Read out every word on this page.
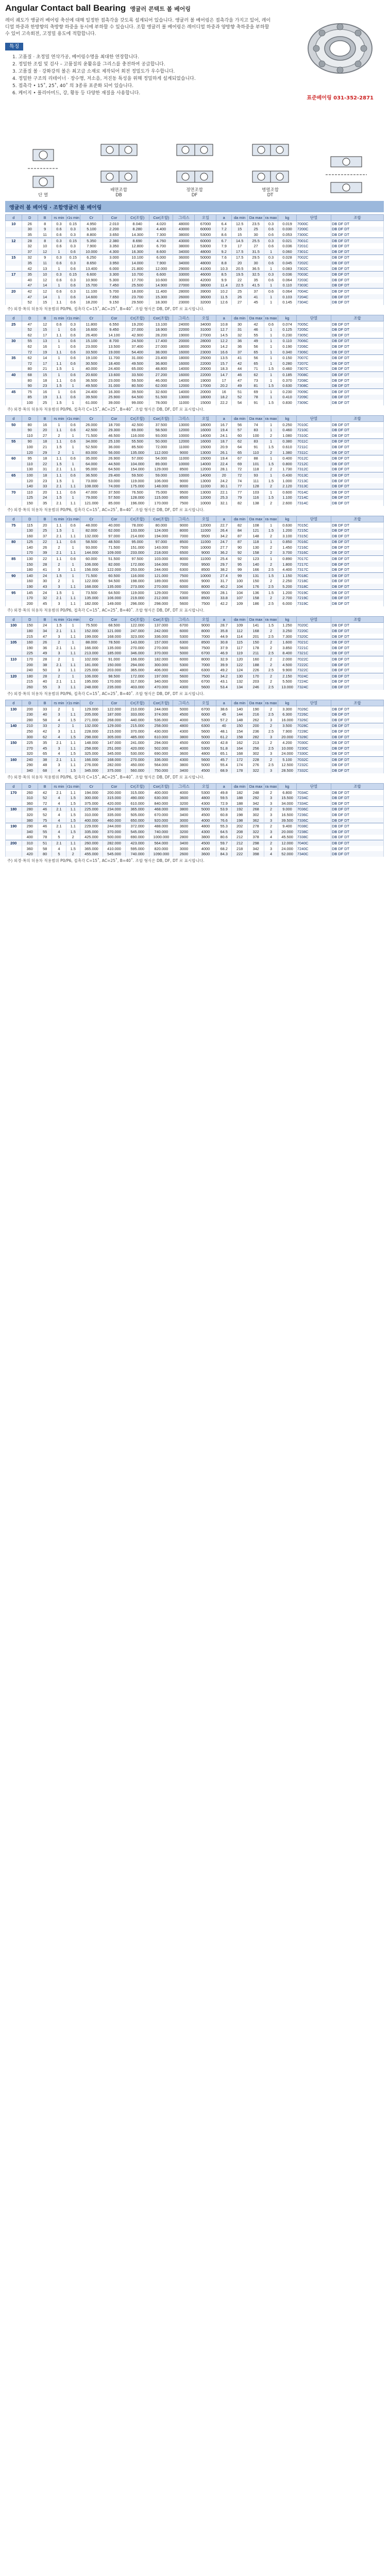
Angular Contact ball Bearing 앵귤러 콘택트 볼 베어링

레이 궤도가 앵귤러 베어링 축선에 대해 일정한 접촉각을 갖도록 설계되어 있습니다. 앵귤러 볼 베어링은 접촉각을 가지고 있어, 레이디얼 하중과 한방향의 축방향 하중을 동시에 부하할 수 있습니다. 조합 앵귤러 볼 베어링은 레이디얼 하중과 양방향 축하중을 부하할 수 있어 고속회전, 고정밀 용도에 적합합니다.

특징
1. 고품질 · 초정밀 연삭가공, 베어링수명을 최대한 연장합니다.
2. 정밀한 조립 및 검사 – 고품질의 윤활유를 그리스를 충전하여 공급합니다.
3. 고품질 볼 · 강화강의 볼은 최고급 소재로 제작되어 회전 정밀도가 우수합니다.
4. 정밀한 구조의 리테이너 · 장수명, 저소음, 저진동 특성을 위해 정밀하게 설계되었습니다.
5. 접촉각 • 15˚, 25˚, 40˚ 의 3종류 표준화 되어 있습니다.
6. 케이지 • 폴리아미드, 강, 황동 등 다양한 재질을 사용합니다.
표준베어링 031-352-2871
단 열
배면조합
DB
정면조합
DF
병렬조합
DT
앵귤러 볼 베어링 · 조합앵귤러 볼 베어링
d	D	B	rs min	r1s min	Cr	Cor	Cr(조합)	Cor(조합)	그리스	오일	a	da min	Da max	ra max	kg	단열	조합
10	26	8	0.3	0.15	4.950	2.010	8.040	4.020	48000	67000	6.4	12.5	23.5	0.3	0.019	7000C	DB DF DT
	30	9	0.6	0.3	5.100	2.200	8.280	4.400	43000	60000	7.2	15	25	0.6	0.030	7200C	DB DF DT
	35	11	0.6	0.3	8.800	3.650	14.300	7.300	38000	53000	8.6	15	30	0.6	0.053	7300C	DB DF DT
12	28	8	0.3	0.15	5.350	2.380	8.690	4.760	43000	60000	6.7	14.5	25.5	0.3	0.021	7001C	DB DF DT
	32	10	0.6	0.3	7.900	3.350	12.800	6.700	38000	53000	7.9	17	27	0.6	0.036	7201C	DB DF DT
	37	12	1	0.6	10.000	4.300	16.300	8.600	34000	48000	9.2	17.5	31.5	1	0.060	7301C	DB DF DT
15	32	9	0.3	0.15	6.250	3.000	10.100	6.000	36000	50000	7.6	17.5	29.5	0.3	0.028	7002C	DB DF DT
	35	11	0.6	0.3	8.650	3.950	14.000	7.900	34000	48000	8.8	20	30	0.6	0.045	7202C	DB DF DT
	42	13	1	0.6	13.400	6.000	21.800	12.000	29000	41000	10.3	20.5	36.5	1	0.083	7302C	DB DF DT
17	35	10	0.3	0.15	6.600	3.300	10.700	6.600	33000	46000	8.5	19.5	32.5	0.3	0.036	7003C	DB DF DT
	40	12	0.6	0.3	10.900	5.300	17.700	10.600	30000	42000	9.9	22	35	0.6	0.064	7203C	DB DF DT
	47	14	1	0.6	15.700	7.450	25.500	14.900	27000	38000	11.4	22.5	41.5	1	0.110	7303C	DB DF DT
20	42	12	0.6	0.3	11.100	5.700	18.000	11.400	28000	39000	10.2	25	37	0.6	0.064	7004C	DB DF DT
	47	14	1	0.6	14.600	7.650	23.700	15.300	26000	36000	11.5	26	41	1	0.103	7204C	DB DF DT
	52	15	1.1	0.6	18.200	9.150	29.500	18.300	23000	32000	12.6	27	45	1	0.145	7304C	DB DF DT
주) 외경·폭의 허용차 적용범위 P0/P6, 접촉각 C=15˚, AC=25˚, B=40˚. 조합 형식은 DB, DF, DT 로 표시합니다.
d	D	B	rs min	r1s min	Cr	Cor	Cr(조합)	Cor(조합)	그리스	오일	a	da min	Da max	ra max	kg	단열	조합
25	47	12	0.6	0.3	11.800	6.550	19.200	13.100	24000	34000	10.8	30	42	0.6	0.074	7005C	DB DF DT
	52	15	1	0.6	16.600	9.450	27.000	18.900	22000	31000	12.7	31	46	1	0.125	7205C	DB DF DT
	62	17	1.1	0.6	26.400	14.100	42.900	28.200	19000	27000	14.5	32	55	1	0.230	7305C	DB DF DT
30	55	13	1	0.6	15.100	8.700	24.500	17.400	20000	28000	12.2	36	49	1	0.110	7006C	DB DF DT
	62	16	1	0.6	23.000	13.500	37.400	27.000	18000	26000	14.2	36	56	1	0.190	7206C	DB DF DT
	72	19	1.1	0.6	33.500	19.000	54.400	38.000	16000	23000	16.6	37	65	1	0.340	7306C	DB DF DT
35	62	14	1	0.6	19.100	11.700	31.000	23.400	18000	25000	13.5	41	56	1	0.150	7007C	DB DF DT
	72	17	1.1	0.6	30.500	18.400	49.500	36.800	16000	22000	15.7	42	65	1	0.280	7207C	DB DF DT
	80	21	1.5	1	40.000	24.400	65.000	48.800	14000	20000	18.3	44	71	1.5	0.460	7307C	DB DF DT
40	68	15	1	0.6	20.600	13.600	33.500	27.200	16000	22000	14.7	46	62	1	0.185	7008C	DB DF DT
	80	18	1.1	0.6	36.500	23.000	59.500	46.000	14000	19000	17	47	73	1	0.370	7208C	DB DF DT
	90	23	1.5	1	49.500	31.000	80.500	62.000	12000	17000	20.2	49	81	1.5	0.630	7308C	DB DF DT
45	75	16	1	0.6	24.400	16.300	39.500	32.600	14000	20000	16	51	69	1	0.230	7009C	DB DF DT
	85	19	1.1	0.6	39.500	25.900	64.500	51.500	13000	18000	18.2	52	78	1	0.410	7209C	DB DF DT
	100	25	1.5	1	61.000	39.000	99.000	78.000	11000	15000	22.2	54	91	1.5	0.830	7309C	DB DF DT
주) 외경·폭의 허용차 적용범위 P0/P6, 접촉각 C=15˚, AC=25˚, B=40˚. 조합 형식은 DB, DF, DT 로 표시합니다.
d	D	B	rs min	r1s min	Cr	Cor	Cr(조합)	Cor(조합)	그리스	오일	a	da min	Da max	ra max	kg	단열	조합
50	80	16	1	0.6	26.000	18.700	42.500	37.500	13000	18000	16.7	56	74	1	0.250	7010C	DB DF DT
	90	20	1.1	0.6	42.500	29.300	69.000	58.500	12000	16000	19.4	57	83	1	0.460	7210C	DB DF DT
	110	27	2	1	71.500	46.500	116.000	93.000	10000	14000	24.1	60	100	2	1.080	7310C	DB DF DT
55	90	18	1.1	0.6	34.000	25.100	55.500	50.000	12000	16000	18.7	62	83	1	0.380	7011C	DB DF DT
	100	21	1.5	1	52.500	36.000	85.500	72.000	11000	15000	20.9	64	91	1.5	0.610	7211C	DB DF DT
	120	29	2	1	83.000	56.000	135.000	112.000	9000	13000	26.1	65	110	2	1.380	7311C	DB DF DT
60	95	18	1.1	0.6	35.000	26.900	57.000	54.000	11000	15000	19.4	67	88	1	0.400	7012C	DB DF DT
	110	22	1.5	1	64.000	44.500	104.000	89.000	10000	14000	22.4	69	101	1.5	0.800	7212C	DB DF DT
	130	31	2.1	1.1	95.000	64.500	154.000	129.000	8500	12000	28.1	72	118	2	1.730	7312C	DB DF DT
65	100	18	1.1	0.6	36.500	29.400	59.500	59.000	10000	14000	20	72	93	1	0.430	7013C	DB DF DT
	120	23	1.5	1	73.000	53.000	119.000	106.000	9000	13000	24.2	74	111	1.5	1.000	7213C	DB DF DT
	140	33	2.1	1.1	108.000	74.000	175.000	148.000	8000	11000	30.1	77	128	2	2.120	7313C	DB DF DT
70	110	20	1.1	0.6	47.000	37.500	76.500	75.000	9500	13000	22.1	77	103	1	0.600	7014C	DB DF DT
	125	24	1.5	1	79.000	57.500	128.000	115.000	8500	12000	25.3	79	116	1.5	1.100	7214C	DB DF DT
	150	35	2.1	1.1	121.000	85.000	196.000	170.000	7500	10000	32.1	82	138	2	2.600	7314C	DB DF DT
주) 외경·폭의 허용차 적용범위 P0/P6, 접촉각 C=15˚, AC=25˚, B=40˚. 조합 형식은 DB, DF, DT 로 표시합니다.
d	D	B	rs min	r1s min	Cr	Cor	Cr(조합)	Cor(조합)	그리스	오일	a	da min	Da max	ra max	kg	단열	조합
75	115	20	1.1	0.6	48.000	40.000	78.000	80.000	9000	12000	22.7	82	108	1	0.630	7015C	DB DF DT
	130	25	1.5	1	82.000	62.000	133.000	124.000	8000	11000	26.4	84	121	1.5	1.200	7215C	DB DF DT
	160	37	2.1	1.1	132.000	97.000	214.000	194.000	7000	9500	34.2	87	148	2	3.100	7315C	DB DF DT
80	125	22	1.1	0.6	58.500	48.500	95.000	97.000	8500	11000	24.7	87	118	1	0.850	7016C	DB DF DT
	140	26	2	1	93.000	71.500	151.000	143.000	7500	10000	27.7	90	130	2	1.450	7216C	DB DF DT
	170	39	2.1	1.1	144.000	109.000	233.000	218.000	6500	9000	36.2	92	158	2	3.700	7316C	DB DF DT
85	130	22	1.1	0.6	60.000	51.500	97.500	103.000	8000	11000	25.4	92	123	1	0.890	7017C	DB DF DT
	150	28	2	1	106.000	82.000	172.000	164.000	7000	9500	29.7	95	140	2	1.800	7217C	DB DF DT
	180	41	3	1.1	156.000	122.000	253.000	244.000	6300	8500	38.2	99	166	2.5	4.400	7317C	DB DF DT
90	140	24	1.5	1	71.500	60.500	116.000	121.000	7500	10000	27.4	99	131	1.5	1.150	7018C	DB DF DT
	160	30	2	1	122.000	94.500	198.000	189.000	6500	9000	31.7	100	150	2	2.250	7218C	DB DF DT
	190	43	3	1.1	168.000	135.000	273.000	270.000	6000	8000	40.2	104	176	2.5	5.200	7318C	DB DF DT
95	145	24	1.5	1	73.500	64.500	119.000	129.000	7000	9500	28.1	104	136	1.5	1.200	7019C	DB DF DT
	170	32	2.1	1.1	135.000	106.000	219.000	212.000	6300	8500	33.8	107	158	2	2.700	7219C	DB DF DT
	200	45	3	1.1	182.000	149.000	296.000	298.000	5600	7500	42.2	109	186	2.5	6.000	7319C	DB DF DT
주) 외경·폭의 허용차 적용범위 P0/P6, 접촉각 C=15˚, AC=25˚, B=40˚. 조합 형식은 DB, DF, DT 로 표시합니다.
d	D	B	rs min	r1s min	Cr	Cor	Cr(조합)	Cor(조합)	그리스	오일	a	da min	Da max	ra max	kg	단열	조합
100	150	24	1.5	1	75.500	68.500	122.000	137.000	6700	9000	28.7	109	141	1.5	1.250	7020C	DB DF DT
	180	34	2.1	1.1	152.000	121.000	247.000	242.000	6000	8000	35.8	112	168	2	3.250	7220C	DB DF DT
	215	47	3	1.1	199.000	168.000	323.000	336.000	5300	7000	44.9	114	201	2.5	7.300	7320C	DB DF DT
105	160	26	2	1	88.000	78.500	143.000	157.000	6300	8500	30.8	115	150	2	1.600	7021C	DB DF DT
	190	36	2.1	1.1	166.000	135.000	270.000	270.000	5600	7500	37.9	117	178	2	3.850	7221C	DB DF DT
	225	49	3	1.1	213.000	185.000	346.000	370.000	5000	6700	46.9	119	211	2.5	8.400	7321C	DB DF DT
110	170	28	2	1	102.000	91.000	166.000	182.000	6000	8000	32.9	120	160	2	2.000	7022C	DB DF DT
	200	38	2.1	1.1	181.000	150.000	294.000	300.000	5300	7000	39.9	122	188	2	4.500	7222C	DB DF DT
	240	50	3	1.1	225.000	203.000	365.000	406.000	4800	6300	49.2	124	226	2.5	9.900	7322C	DB DF DT
120	180	28	2	1	106.000	98.500	172.000	197.000	5600	7500	34.2	130	170	2	2.150	7024C	DB DF DT
	215	40	2.1	1.1	195.000	170.000	317.000	340.000	5000	6700	43.1	132	203	2	5.500	7224C	DB DF DT
	260	55	3	1.1	248.000	235.000	403.000	470.000	4300	5600	53.4	134	246	2.5	13.000	7324C	DB DF DT
주) 외경·폭의 허용차 적용범위 P0/P6, 접촉각 C=15˚, AC=25˚, B=40˚. 조합 형식은 DB, DF, DT 로 표시합니다.
d	D	B	rs min	r1s min	Cr	Cor	Cr(조합)	Cor(조합)	그리스	오일	a	da min	Da max	ra max	kg	단열	조합
130	200	33	2	1	129.000	122.000	210.000	244.000	5000	6700	38.6	140	190	2	3.300	7026C	DB DF DT
	230	40	3	1.1	205.000	187.000	333.000	374.000	4500	6000	45	144	216	2.5	6.300	7226C	DB DF DT
	280	58	4	1.5	271.000	268.000	440.000	536.000	4000	5300	57.2	148	262	3	16.000	7326C	DB DF DT
140	210	33	2	1	132.000	129.000	215.000	258.000	4800	6300	40	150	200	2	3.500	7028C	DB DF DT
	250	42	3	1.1	228.000	215.000	370.000	430.000	4300	5600	48.1	154	236	2.5	7.900	7228C	DB DF DT
	300	62	4	1.5	298.000	305.000	485.000	610.000	3800	5000	61.2	158	282	3	20.000	7328C	DB DF DT
150	225	35	2.1	1.1	148.000	147.000	241.000	294.000	4500	6000	42.8	162	213	2	4.200	7030C	DB DF DT
	270	45	3	1.1	258.000	251.000	420.000	502.000	4000	5300	51.8	164	256	2.5	10.000	7230C	DB DF DT
	320	65	4	1.5	325.000	345.000	530.000	690.000	3600	4800	65.1	168	302	3	24.000	7330C	DB DF DT
160	240	38	2.1	1.1	166.000	168.000	270.000	336.000	4300	5600	45.7	172	228	2	5.100	7032C	DB DF DT
	290	48	3	1.1	276.000	282.000	450.000	564.000	3800	5000	55.4	174	276	2.5	12.500	7232C	DB DF DT
	340	68	4	1.5	345.000	375.000	560.000	750.000	3400	4500	68.9	178	322	3	28.500	7332C	DB DF DT
주) 외경·폭의 허용차 적용범위 P0/P6, 접촉각 C=15˚, AC=25˚, B=40˚. 조합 형식은 DB, DF, DT 로 표시합니다.
d	D	B	rs min	r1s min	Cr	Cor	Cr(조합)	Cor(조합)	그리스	오일	a	da min	Da max	ra max	kg	단열	조합
170	260	42	2.1	1.1	194.000	200.000	315.000	400.000	4000	5300	49.8	182	248	2	6.800	7034C	DB DF DT
	310	52	4	1.5	300.000	315.000	490.000	630.000	3600	4800	59.5	188	292	3	15.500	7234C	DB DF DT
	360	72	4	1.5	375.000	420.000	610.000	840.000	3200	4300	72.9	188	342	3	34.000	7334C	DB DF DT
180	280	46	2.1	1.1	225.000	234.000	365.000	468.000	3800	5000	53.9	192	268	2	9.000	7036C	DB DF DT
	320	52	4	1.5	310.000	335.000	505.000	670.000	3400	4500	60.8	198	302	3	16.500	7236C	DB DF DT
	380	75	4	1.5	400.000	460.000	650.000	920.000	3000	4000	76.6	198	362	3	39.500	7336C	DB DF DT
190	290	46	2.1	1.1	229.000	244.000	372.000	488.000	3600	4800	55.3	202	278	2	9.400	7038C	DB DF DT
	340	55	4	1.5	335.000	370.000	545.000	740.000	3200	4300	64.5	208	322	3	20.000	7238C	DB DF DT
	400	78	5	2	425.000	500.000	690.000	1000.000	2800	3800	80.6	212	378	4	45.500	7338C	DB DF DT
200	310	51	2.1	1.1	260.000	282.000	423.000	564.000	3400	4500	59.7	212	298	2	12.000	7040C	DB DF DT
	360	58	4	1.5	365.000	410.000	595.000	820.000	3000	4000	68.2	218	342	3	24.000	7240C	DB DF DT
	420	80	5	2	455.000	545.000	740.000	1090.000	2600	3600	84.3	222	398	4	52.000	7340C	DB DF DT
주) 외경·폭의 허용차 적용범위 P0/P6, 접촉각 C=15˚, AC=25˚, B=40˚. 조합 형식은 DB, DF, DT 로 표시합니다.
